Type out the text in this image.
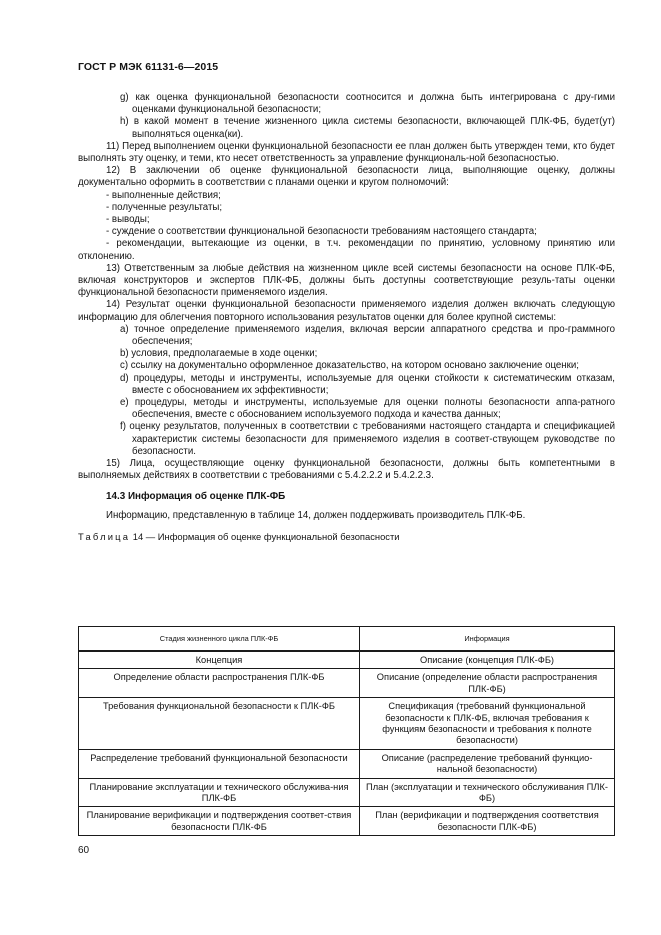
ГОСТ Р МЭК 61131-6—2015

g) как оценка функциональной безопасности соотносится и должна быть интегрирована с дру-гими оценками функциональной безопасности;

h) в какой момент в течение жизненного цикла системы безопасности, включающей ПЛК-ФБ, будет(ут) выполняться оценка(ки).

11) Перед выполнением оценки функциональной безопасности ее план должен быть утвержден теми, кто будет выполнять эту оценку, и теми, кто несет ответственность за управление функциональ-ной безопасностью.

12) В заключении об оценке функциональной безопасности лица, выполняющие оценку, должны документально оформить в соответствии с планами оценки и кругом полномочий:

- выполненные действия;

- полученные результаты;

- выводы;

- суждение о соответствии функциональной безопасности требованиям настоящего стандарта;

- рекомендации, вытекающие из оценки, в т.ч. рекомендации по принятию, условному принятию или отклонению.

13) Ответственным за любые действия на жизненном цикле всей системы безопасности на основе ПЛК-ФБ, включая конструкторов и экспертов ПЛК-ФБ, должны быть доступны соответствующие резуль-таты оценки функциональной безопасности применяемого изделия.

14) Результат оценки функциональной безопасности применяемого изделия должен включать следующую информацию для облегчения повторного использования результатов оценки для более крупной системы:

a) точное определение применяемого изделия, включая версии аппаратного средства и про-граммного обеспечения;

b) условия, предполагаемые в ходе оценки;

c) ссылку на документально оформленное доказательство, на котором основано заключение оценки;

d) процедуры, методы и инструменты, используемые для оценки стойкости к систематическим отказам, вместе с обоснованием их эффективности;

e) процедуры, методы и инструменты, используемые для оценки полноты безопасности аппа-ратного обеспечения, вместе с обоснованием используемого подхода и качества данных;

f) оценку результатов, полученных в соответствии с требованиями настоящего стандарта и спецификацией характеристик системы безопасности для применяемого изделия в соответ-ствующем руководстве по безопасности.

15) Лица, осуществляющие оценку функциональной безопасности, должны быть компетентными в выполняемых действиях в соответствии с требованиями с 5.4.2.2.2 и 5.4.2.2.3.

14.3 Информация об оценке ПЛК-ФБ

Информацию, представленную в таблице 14, должен поддерживать производитель ПЛК-ФБ.

Таблица 14 — Информация об оценке функциональной безопасности

Стадия жизненного цикла ПЛК-ФБ	Информация
Концепция	Описание (концепция ПЛК-ФБ)
Определение области распространения ПЛК-ФБ	Описание (определение области распространения ПЛК-ФБ)
Требования функциональной безопасности к ПЛК-ФБ	Спецификация (требований функциональной безопасности к ПЛК-ФБ, включая требования к функциям безопасности и требования к полноте безопасности)
Распределение требований функциональной безопасности	Описание (распределение требований функцио-нальной безопасности)
Планирование эксплуатации и технического обслужива-ния ПЛК-ФБ	План (эксплуатации и технического обслуживания ПЛК-ФБ)
Планирование верификации и подтверждения соответ-ствия безопасности ПЛК-ФБ	План (верификации и подтверждения соответствия безопасности ПЛК-ФБ)
60
